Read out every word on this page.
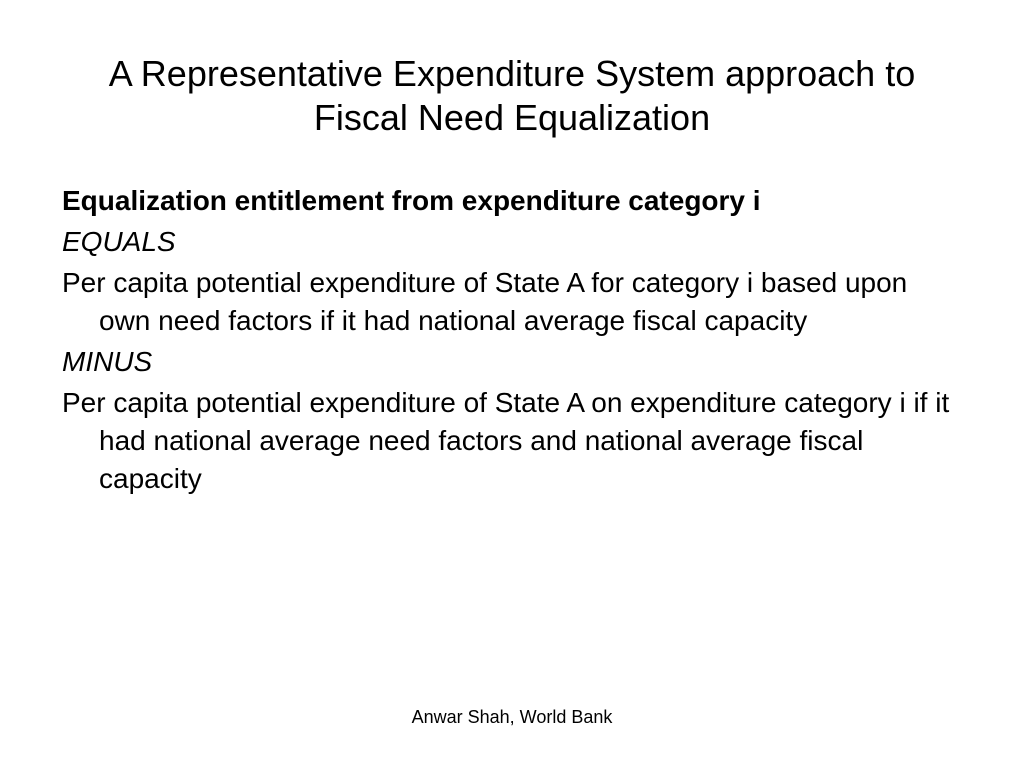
A Representative Expenditure System approach to
Fiscal Need Equalization

Equalization entitlement from expenditure category i

EQUALS

Per capita potential expenditure of State A for category i based upon own need factors if it had national average fiscal capacity

MINUS

Per capita potential expenditure of State A on expenditure category i if it had national average need factors and national average fiscal capacity

Anwar Shah, World Bank
